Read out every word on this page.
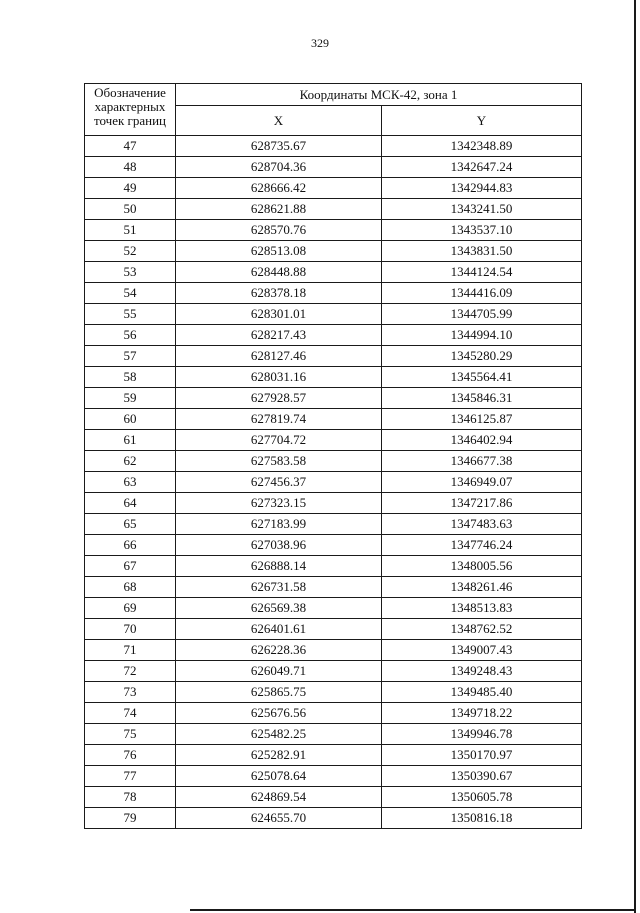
329
Обозначение характерных точек границ	Координаты МСК-42, зона 1	
	X	Y
47	628735.67	1342348.89
48	628704.36	1342647.24
49	628666.42	1342944.83
50	628621.88	1343241.50
51	628570.76	1343537.10
52	628513.08	1343831.50
53	628448.88	1344124.54
54	628378.18	1344416.09
55	628301.01	1344705.99
56	628217.43	1344994.10
57	628127.46	1345280.29
58	628031.16	1345564.41
59	627928.57	1345846.31
60	627819.74	1346125.87
61	627704.72	1346402.94
62	627583.58	1346677.38
63	627456.37	1346949.07
64	627323.15	1347217.86
65	627183.99	1347483.63
66	627038.96	1347746.24
67	626888.14	1348005.56
68	626731.58	1348261.46
69	626569.38	1348513.83
70	626401.61	1348762.52
71	626228.36	1349007.43
72	626049.71	1349248.43
73	625865.75	1349485.40
74	625676.56	1349718.22
75	625482.25	1349946.78
76	625282.91	1350170.97
77	625078.64	1350390.67
78	624869.54	1350605.78
79	624655.70	1350816.18
